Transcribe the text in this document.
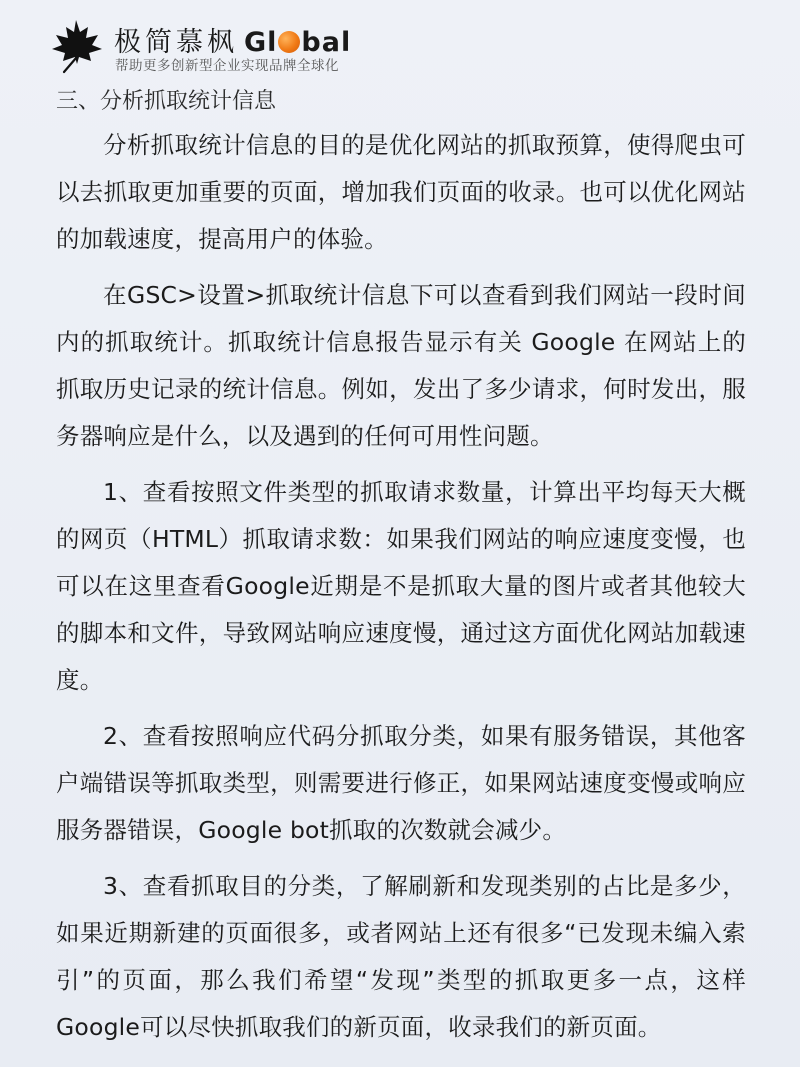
极简慕枫 Gl bal
帮助更多创新型企业实现品牌全球化
三、分析抓取统计信息

分析抓取统计信息的目的是优化网站的抓取预算，使得爬虫可以去抓取更加重要的页面，增加我们页面的收录。也可以优化网站的加载速度，提高用户的体验。

在GSC>设置>抓取统计信息下可以查看到我们网站一段时间内的抓取统计。抓取统计信息报告显示有关 Google 在网站上的抓取历史记录的统计信息。例如，发出了多少请求，何时发出，服务器响应是什么，以及遇到的任何可用性问题。

1、查看按照文件类型的抓取请求数量，计算出平均每天大概的网页（HTML）抓取请求数：如果我们网站的响应速度变慢，也可以在这里查看Google近期是不是抓取大量的图片或者其他较大的脚本和文件，导致网站响应速度慢，通过这方面优化网站加载速度。

2、查看按照响应代码分抓取分类，如果有服务错误，其他客户端错误等抓取类型，则需要进行修正，如果网站速度变慢或响应服务器错误，Google bot抓取的次数就会减少。

3、查看抓取目的分类，了解刷新和发现类别的占比是多少，如果近期新建的页面很多，或者网站上还有很多“已发现未编入索引”的页面，那么我们希望“发现”类型的抓取更多一点，这样Google可以尽快抓取我们的新页面，收录我们的新页面。
